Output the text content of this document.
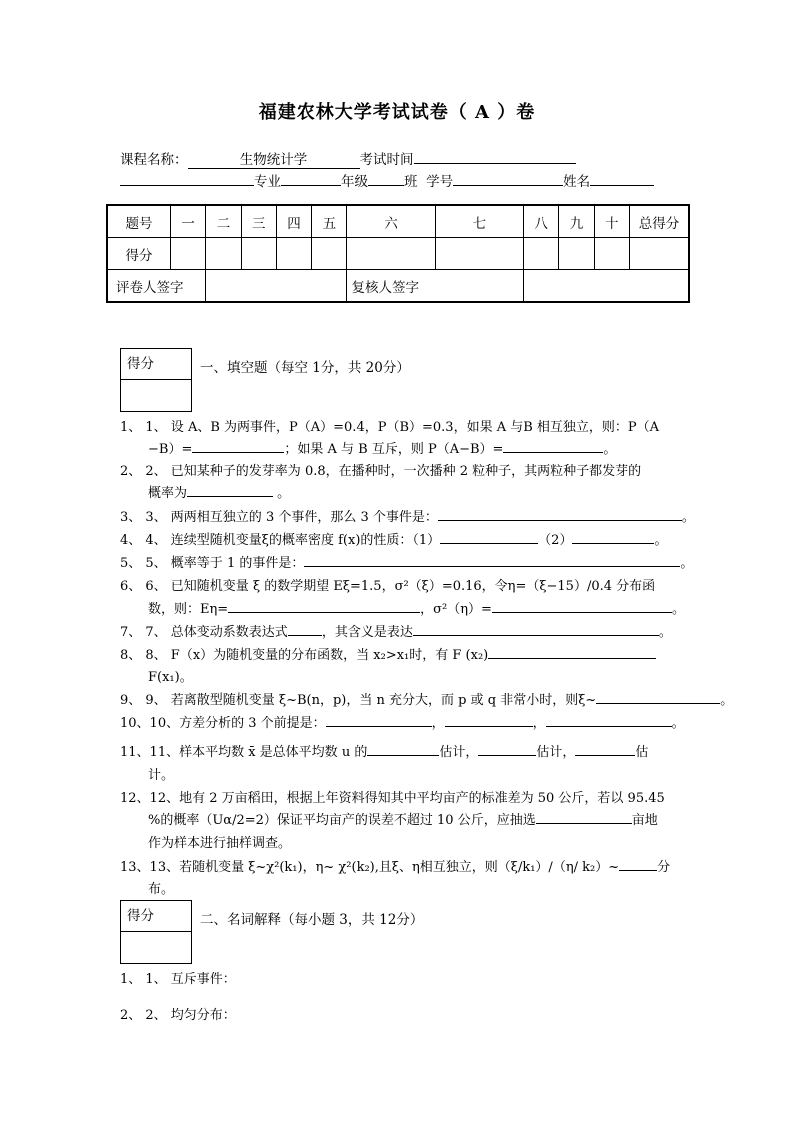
福建农林大学考试试卷（ A ）卷
课程名称：	生物统计学	考试时间
专业	年级	班 学号	姓名
题号	一	二	三	四	五	六	七	八	九	十	总得分
得分											
评卷人签字						复核人签字					
得分	一、填空题（每空 1分，共 20分）
1、 1、 设 A、B 为两事件，P（A）=0.4，P（B）=0.3，如果 A 与B 相互独立，则：P（A
−B）=	；如果 A 与 B 互斥，则 P（A−B）=	。
2、 2、 已知某种子的发芽率为 0.8，在播种时，一次播种 2 粒种子，其两粒种子都发芽的
概率为	。
3、 3、 两两相互独立的 3 个事件，那么 3 个事件是：	。
4、 4、 连续型随机变量ξ的概率密度 f(x)的性质：（1）	（2）	。
5、 5、 概率等于 1 的事件是：	。
6、 6、 已知随机变量 ξ 的数学期望 Eξ=1.5，σ²（ξ）=0.16，令η=（ξ−15）/0.4 分布函
数，则：Eη=	，σ²（η）=	。
7、 7、 总体变动系数表达式	，其含义是表达	。
8、 8、 F（x）为随机变量的分布函数，当 x₂>x₁时，有 F (x₂)
F(x₁)。
9、 9、 若离散型随机变量 ξ~B(n，p)，当 n 充分大，而 p 或 q 非常小时，则ξ~	。
10、10、方差分析的 3 个前提是：	，	，	。
11、11、样本平均数 x̄ 是总体平均数 u 的	估计，	估计，	估
计。
12、12、地有 2 万亩稻田，根据上年资料得知其中平均亩产的标准差为 50 公斤，若以 95.45
%的概率（Uα/2=2）保证平均亩产的误差不超过 10 公斤，应抽选	亩地
作为样本进行抽样调查。
13、13、若随机变量 ξ~χ²(k₁)，η~ χ²(k₂),且ξ、η相互独立，则（ξ/k₁）/（η/ k₂）~	分
布。
得分	二、名词解释（每小题 3，共 12分）
1、 1、 互斥事件：
2、 2、 均匀分布：
